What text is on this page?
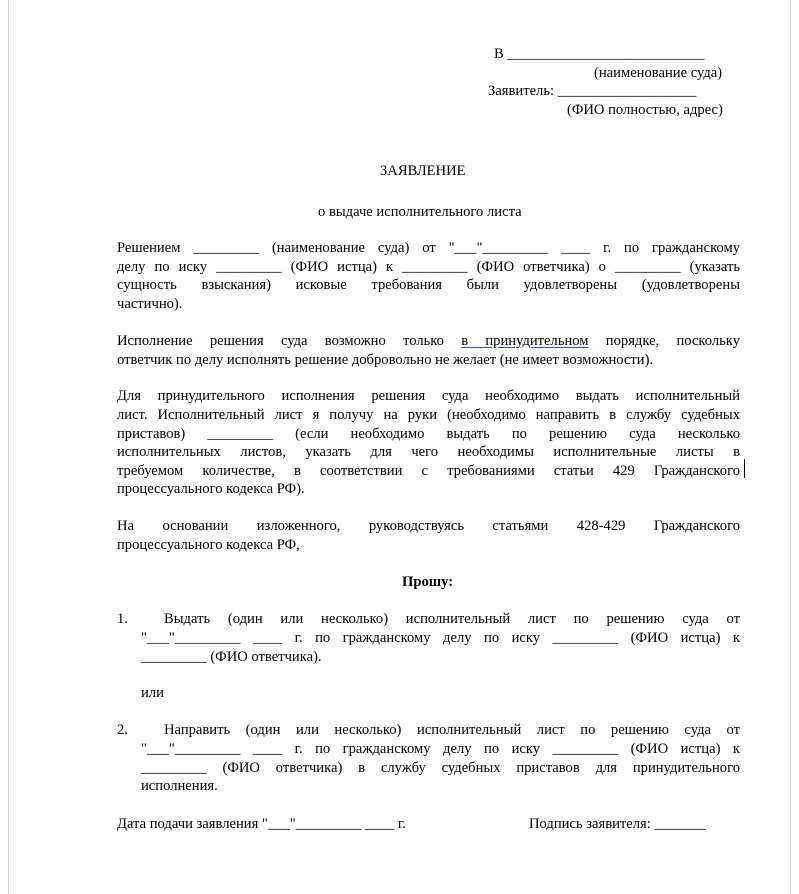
В ___________________________
(наименование суда)
Заявитель: ___________________
(ФИО полностью, адрес)
ЗАЯВЛЕНИЕ
о выдаче исполнительного листа
Решением _________ (наименование суда) от "___"_________ ____ г. по гражданскому
делу по иску _________ (ФИО истца) к _________ (ФИО ответчика) о _________ (указать
сущность взыскания) исковые требования были удовлетворены (удовлетворены
частично).
Исполнение решения суда возможно только в принудительном порядке, поскольку
ответчик по делу исполнять решение добровольно не желает (не имеет возможности).
Для принудительного исполнения решения суда необходимо выдать исполнительный
лист. Исполнительный лист я получу на руки (необходимо направить в службу судебных
приставов) _________ (если необходимо выдать по решению суда несколько
исполнительных листов, указать для чего необходимы исполнительные листы в
требуемом количестве, в соответствии с требованиями статьи 429 Гражданского
процессуального кодекса РФ).
На основании изложенного, руководствуясь статьями 428-429 Гражданского
процессуального кодекса РФ,
Прошу:
1. Выдать (один или несколько) исполнительный лист по решению суда от
"___"_________ ____ г. по гражданскому делу по иску _________ (ФИО истца) к
_________ (ФИО ответчика).
или
2. Направить (один или несколько) исполнительный лист по решению суда от
"___"_________ ____ г. по гражданскому делу по иску _________ (ФИО истца) к
_________ (ФИО ответчика) в службу судебных приставов для принудительного
исполнения.
Дата подачи заявления "___"_________ ____ г.	Подпись заявителя: _______
